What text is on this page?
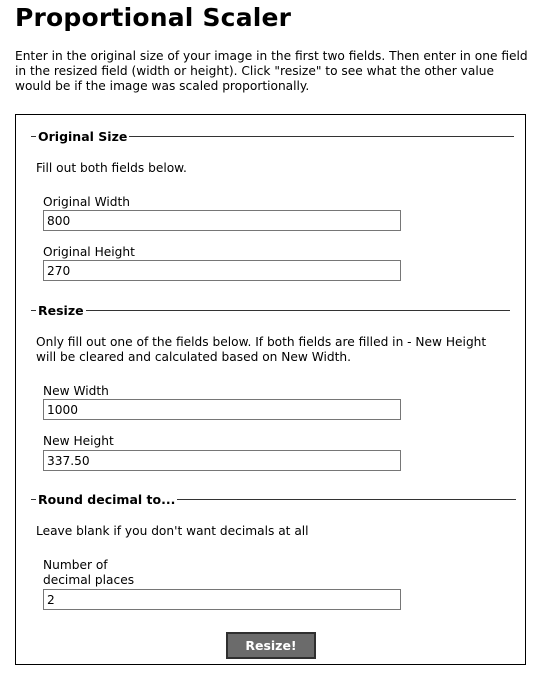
Proportional Scaler
Enter in the original size of your image in the first two fields. Then enter in one field in the resized field (width or height). Click "resize" to see what the other value would be if the image was scaled proportionally.
Original Size
Fill out both fields below.
Original Width
800
Original Height
270
Resize
Only fill out one of the fields below. If both fields are filled in - New Height will be cleared and calculated based on New Width.
New Width
1000
New Height
337.50
Round decimal to...
Leave blank if you don't want decimals at all
Number of
decimal places
2
Resize!
